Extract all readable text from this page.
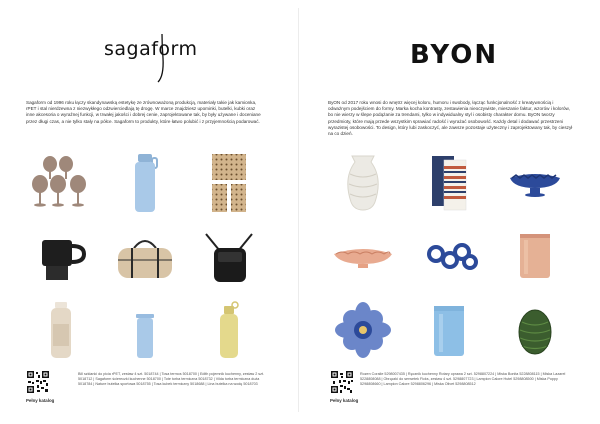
sagaform

Sagaform od 1996 roku łączy skandynawską estetykę ze zrównoważoną produkcją, materiały takie jak kamionka, rPET i stal nierdzewna z niezwykłego odzwierciedlają tę drogę. W marce znajdziesz upominki, butelki, kubki oraz inne akcesoria o wyraźnej funkcji, w trwałej jakości i dobrej cenie, zaprojektowane tak, by były używane i doceniane przez długi czas, a nie tylko stały na półce. Sagaform to produkty, które łatwo polubić i z przyjemnością podarować.

Pełny katalog

Bill szklanki do picia rPET, zestaw 4 szt. 5018744 | Tosa termos 5018700 | Edith pojemnik kuchenny, zestaw 2 szt. 5018712 | Sagaform ściereczki kuchenne 5018700 | Tote torba termiczna 5018732 | Vilda torba termiczna duża 5018784 | Nature butelka sportowa 5018755 | Tosa kubek termiczny 5018688 | Lina butelka na wodę 5018703

BYON

ByON od 2017 roku wnosi do wnętrz więcej koloru, humoru i swobody, łącząc funkcjonalność z kreatywnością i odważnym podejściem do formy. Marka kocha kontrasty, zestawienia nieoczywiste, mieszanie faktur, wzorów i kolorów, bo nie wierzy w ślepe podążanie za trendami, tylko w indywidualny styl i osobisty charakter domu. ByON tworzy przedmioty, które mają przede wszystkim sprawiać radość i wyrażać osobowość. Każdy detal i dodawać przestrzeni wyrazistej osobowości. To design, który lubi zaskoczyć, ale zawsze pozostaje użyteczny i zaprojektowany tak, by cieszył na co dzień.

Pełny katalog

Rozen Coralie 5298007435 | Ręcznik kuchenny Rotary oprawa 2 szt. 5298807224 | Miska Bonita 5228808115 | Miska Lazarel 5228808088 | Obrączki do serwetek Ficks, zestaw 4 szt. 5298807723 | Lampion Calore Hutel 5298808500 | Miska Poppy 5298808660 | Lampion Calore 5298806296 | Miska Olivet 5298808512
